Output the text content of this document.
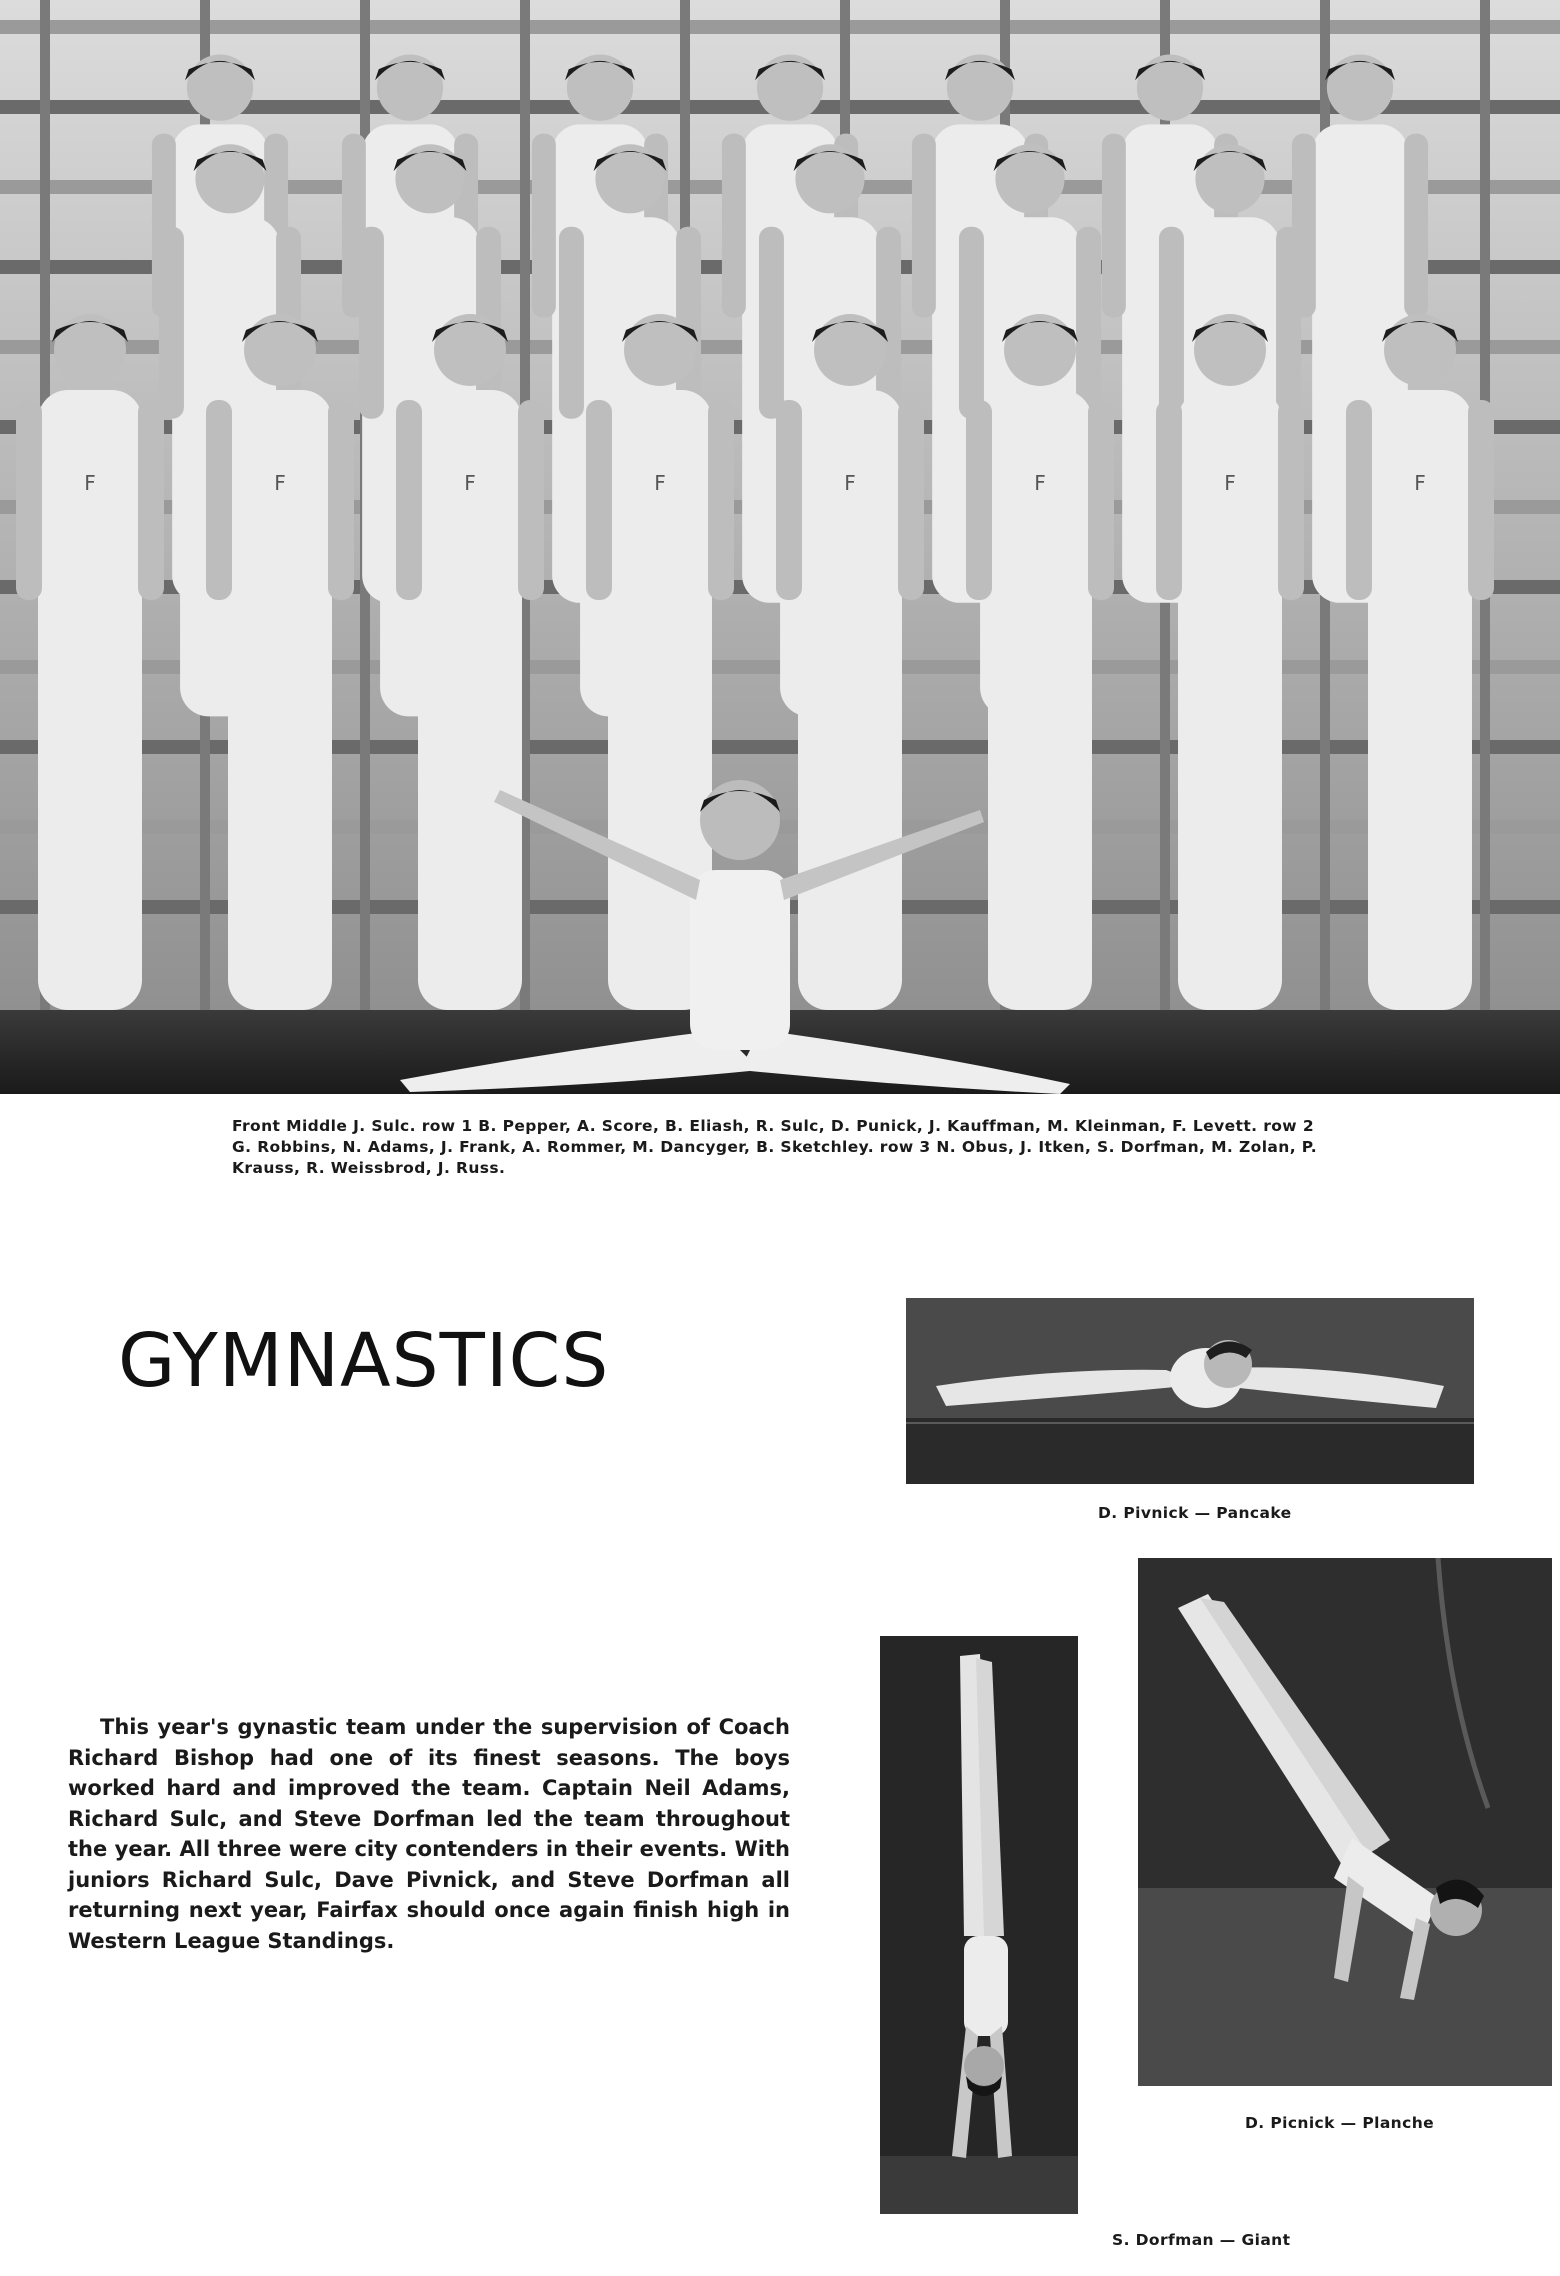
F	F	F	F	F	F	F	F
Front Middle J. Sulc. row 1 B. Pepper, A. Score, B. Eliash, R. Sulc, D. Punick, J. Kauffman, M. Kleinman, F. Levett. row 2 G. Robbins, N. Adams, J. Frank, A. Rommer, M. Dancyger, B. Sketchley. row 3 N. Obus, J. Itken, S. Dorfman, M. Zolan, P. Krauss, R. Weissbrod, J. Russ.
GYMNASTICS
D. Pivnick — Pancake

This year's gynastic team under the supervision of Coach Richard Bishop had one of its finest seasons. The boys worked hard and improved the team. Captain Neil Adams, Richard Sulc, and Steve Dorfman led the team throughout the year. All three were city contenders in their events. With juniors Richard Sulc, Dave Pivnick, and Steve Dorfman all returning next year, Fairfax should once again finish high in Western League Standings.

S. Dorfman — Giant
D. Picnick — Planche
